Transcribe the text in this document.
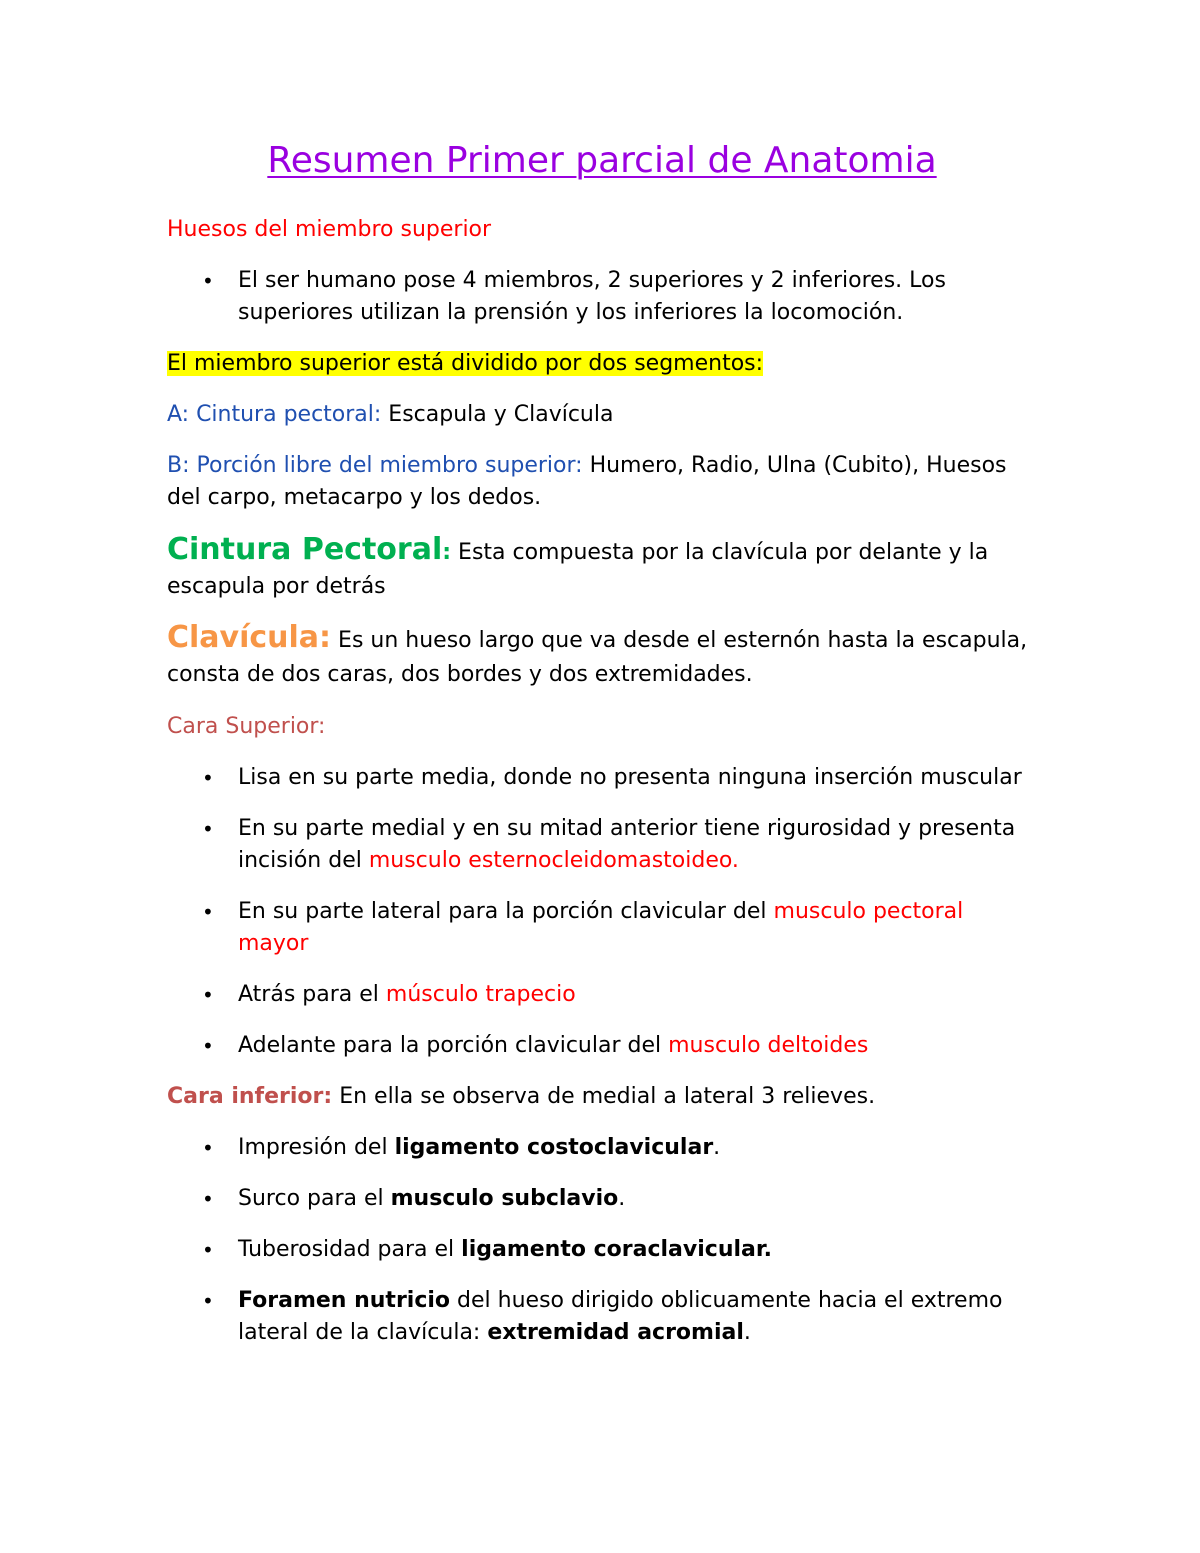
Resumen Primer parcial de Anatomia

Huesos del miembro superior

• El ser humano pose 4 miembros, 2 superiores y 2 inferiores. Los superiores utilizan la prensión y los inferiores la locomoción.

El miembro superior está dividido por dos segmentos:

A: Cintura pectoral: Escapula y Clavícula

B: Porción libre del miembro superior: Humero, Radio, Ulna (Cubito), Huesos del carpo, metacarpo y los dedos.

Cintura Pectoral: Esta compuesta por la clavícula por delante y la escapula por detrás

Clavícula: Es un hueso largo que va desde el esternón hasta la escapula, consta de dos caras, dos bordes y dos extremidades.

Cara Superior:

• Lisa en su parte media, donde no presenta ninguna inserción muscular
• En su parte medial y en su mitad anterior tiene rigurosidad y presenta incisión del musculo esternocleidomastoideo.
• En su parte lateral para la porción clavicular del musculo pectoral mayor
• Atrás para el músculo trapecio
• Adelante para la porción clavicular del musculo deltoides

Cara inferior: En ella se observa de medial a lateral 3 relieves.

• Impresión del ligamento costoclavicular.
• Surco para el musculo subclavio.
• Tuberosidad para el ligamento coraclavicular.
• Foramen nutricio del hueso dirigido oblicuamente hacia el extremo lateral de la clavícula: extremidad acromial.
